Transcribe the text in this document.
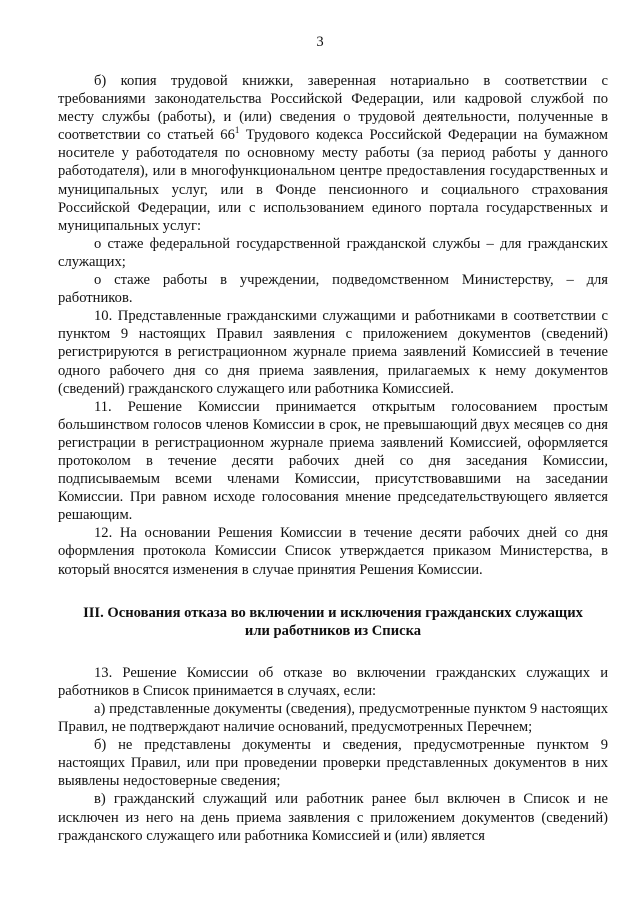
3

б) копия трудовой книжки, заверенная нотариально в соответствии с требованиями законодательства Российской Федерации, или кадровой службой по месту службы (работы), и (или) сведения о трудовой деятельности, полученные в соответствии со статьей $66^1$ Трудового кодекса Российской Федерации на бумажном носителе у работодателя по основному месту работы (за период работы у данного работодателя), или в многофункциональном центре предоставления государственных и муниципальных услуг, или в Фонде пенсионного и социального страхования Российской Федерации, или с использованием единого портала государственных и муниципальных услуг:

о стаже федеральной государственной гражданской службы – для гражданских служащих;

о стаже работы в учреждении, подведомственном Министерству, – для работников.

10. Представленные гражданскими служащими и работниками в соответствии с пунктом 9 настоящих Правил заявления с приложением документов (сведений) регистрируются в регистрационном журнале приема заявлений Комиссией в течение одного рабочего дня со дня приема заявления, прилагаемых к нему документов (сведений) гражданского служащего или работника Комиссией.

11. Решение Комиссии принимается открытым голосованием простым большинством голосов членов Комиссии в срок, не превышающий двух месяцев со дня регистрации в регистрационном журнале приема заявлений Комиссией, оформляется протоколом в течение десяти рабочих дней со дня заседания Комиссии, подписываемым всеми членами Комиссии, присутствовавшими на заседании Комиссии. При равном исходе голосования мнение председательствующего является решающим.

12. На основании Решения Комиссии в течение десяти рабочих дней со дня оформления протокола Комиссии Список утверждается приказом Министерства, в который вносятся изменения в случае принятия Решения Комиссии.

III. Основания отказа во включении и исключения гражданских служащих
или работников из Списка

13. Решение Комиссии об отказе во включении гражданских служащих и работников в Список принимается в случаях, если:

а) представленные документы (сведения), предусмотренные пунктом 9 настоящих Правил, не подтверждают наличие оснований, предусмотренных Перечнем;

б) не представлены документы и сведения, предусмотренные пунктом 9 настоящих Правил, или при проведении проверки представленных документов в них выявлены недостоверные сведения;

в) гражданский служащий или работник ранее был включен в Список и не исключен из него на день приема заявления с приложением документов (сведений) гражданского служащего или работника Комиссией и (или) является
